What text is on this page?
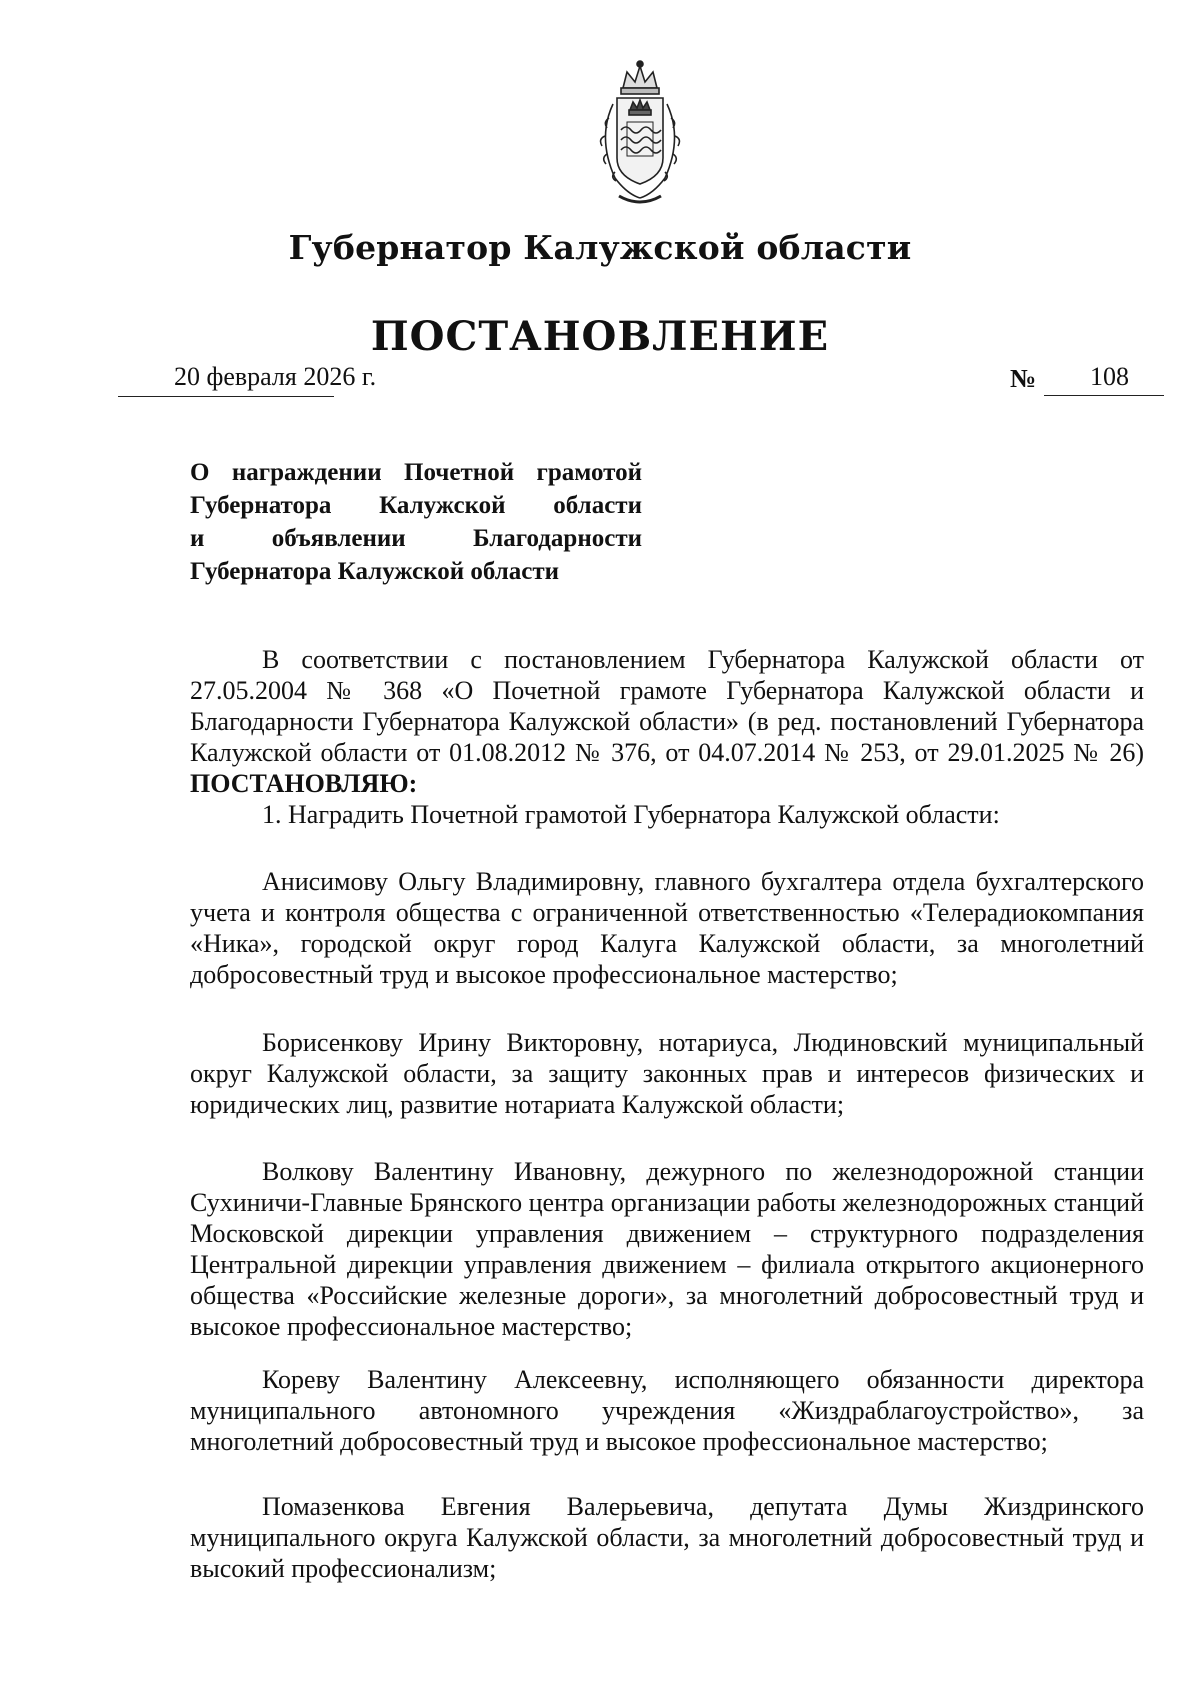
Губернатор Калужской области
ПОСТАНОВЛЕНИЕ
20 февраля 2026 г.	№ 108
О награждении Почетной грамотой
Губернатора Калужской области
и объявлении Благодарности
Губернатора Калужской области
В соответствии с постановлением Губернатора Калужской области от 27.05.2004 № 368 «О Почетной грамоте Губернатора Калужской области и Благодарности Губернатора Калужской области» (в ред. постановлений Губернатора Калужской области от 01.08.2012 № 376, от 04.07.2014 № 253, от 29.01.2025 № 26) ПОСТАНОВЛЯЮ:
1. Наградить Почетной грамотой Губернатора Калужской области:
Анисимову Ольгу Владимировну, главного бухгалтера отдела бухгалтерского учета и контроля общества с ограниченной ответственностью «Телерадиокомпания «Ника», городской округ город Калуга Калужской области, за многолетний добросовестный труд и высокое профессиональное мастерство;
Борисенкову Ирину Викторовну, нотариуса, Людиновский муниципальный округ Калужской области, за защиту законных прав и интересов физических и юридических лиц, развитие нотариата Калужской области;
Волкову Валентину Ивановну, дежурного по железнодорожной станции Сухиничи-Главные Брянского центра организации работы железнодорожных станций Московской дирекции управления движением – структурного подразделения Центральной дирекции управления движением – филиала открытого акционерного общества «Российские железные дороги», за многолетний добросовестный труд и высокое профессиональное мастерство;
Кореву Валентину Алексеевну, исполняющего обязанности директора муниципального автономного учреждения «Жиздраблагоустройство», за многолетний добросовестный труд и высокое профессиональное мастерство;
Помазенкова Евгения Валерьевича, депутата Думы Жиздринского муниципального округа Калужской области, за многолетний добросовестный труд и высокий профессионализм;
